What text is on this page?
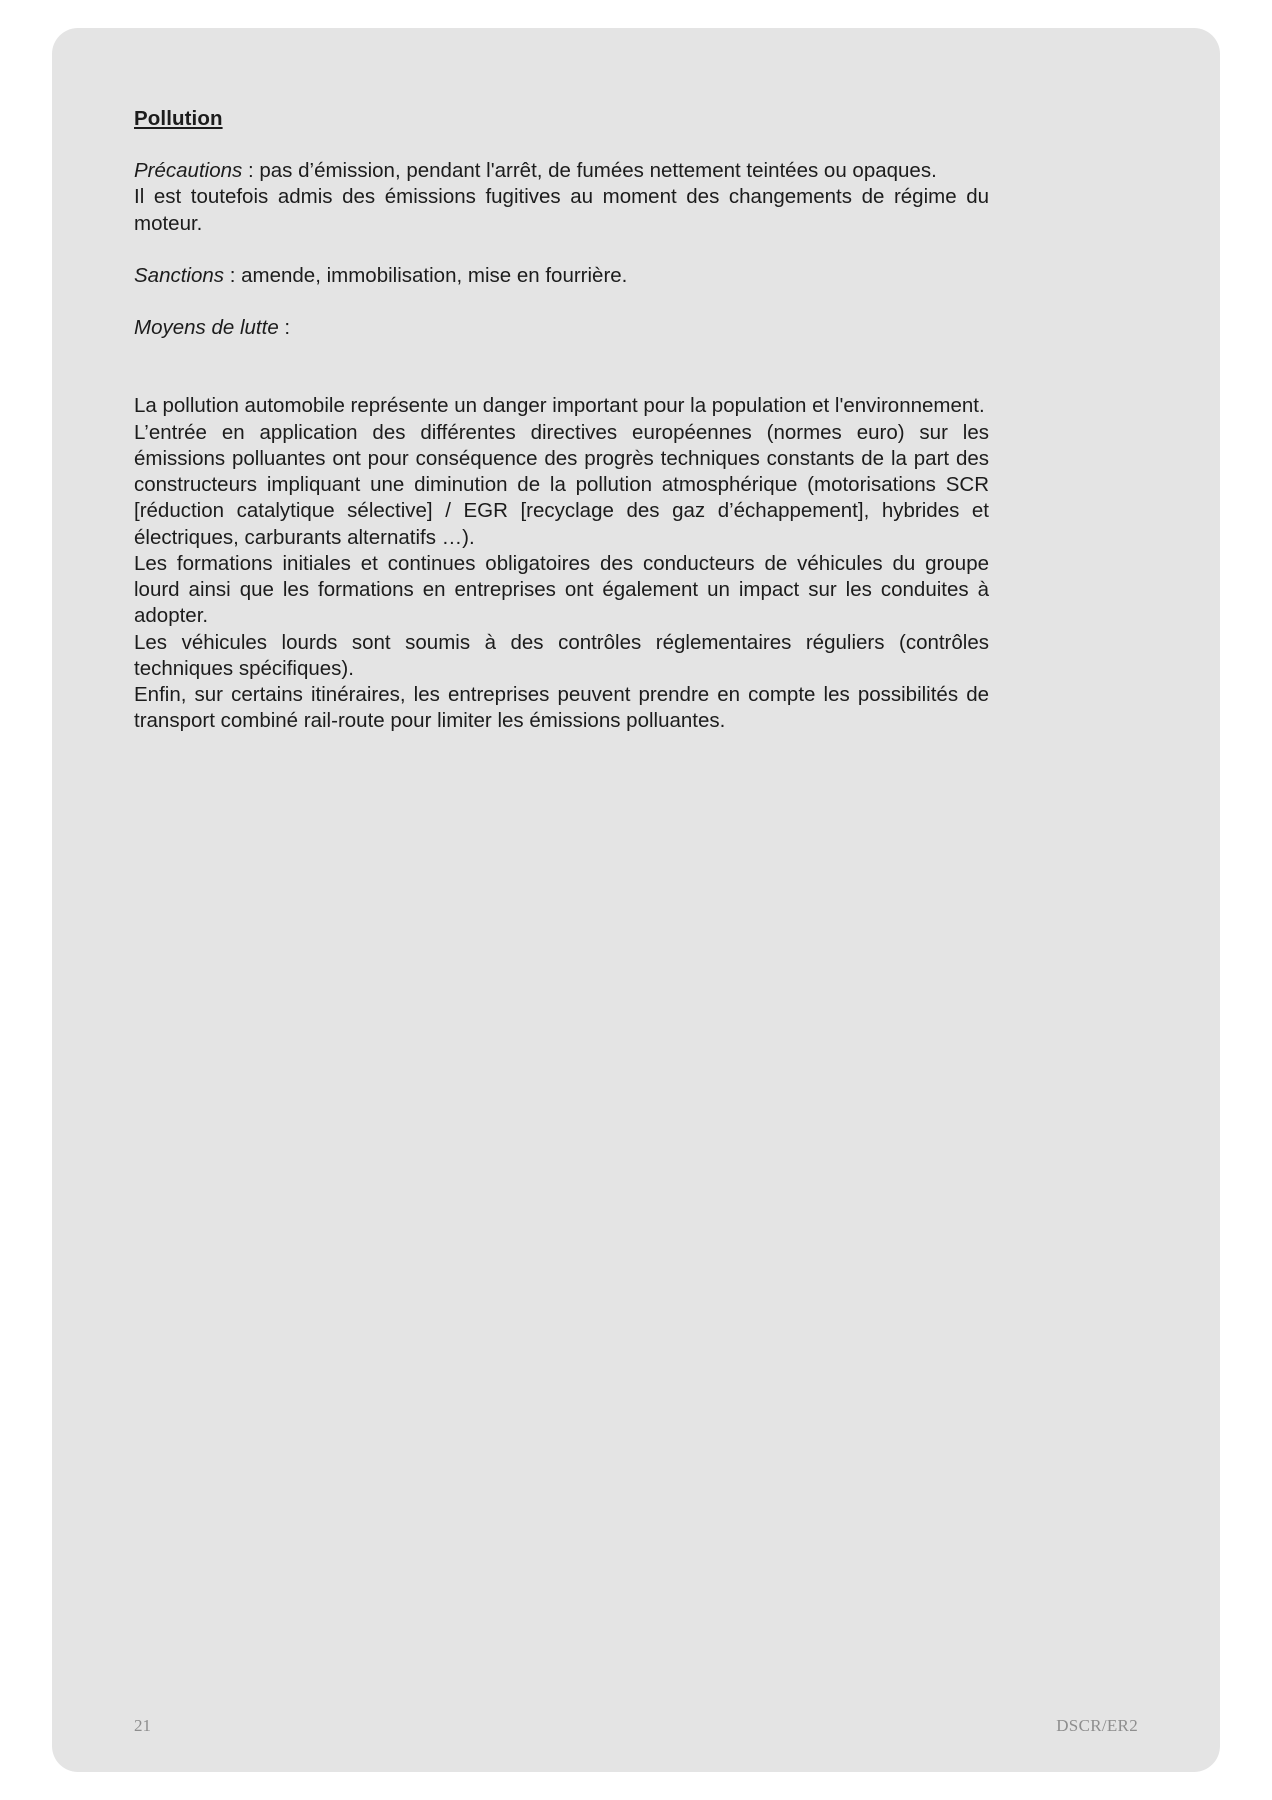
Pollution
Précautions : pas d’émission, pendant l'arrêt, de fumées nettement teintées ou opaques.
Il est toutefois admis des émissions fugitives au moment des changements de régime du moteur.
Sanctions : amende, immobilisation, mise en fourrière.
Moyens de lutte :
La pollution automobile représente un danger important pour la population et l'environnement.
L’entrée en application des différentes directives européennes (normes euro) sur les émissions polluantes ont pour conséquence des progrès techniques constants de la part des constructeurs impliquant une diminution de la pollution atmosphérique (motorisations SCR [réduction catalytique sélective] / EGR [recyclage des gaz d’échappement], hybrides et électriques, carburants alternatifs …).
Les formations initiales et continues obligatoires des conducteurs de véhicules du groupe lourd ainsi que les formations en entreprises ont également un impact sur les conduites à adopter.
Les véhicules lourds sont soumis à des contrôles réglementaires réguliers (contrôles techniques spécifiques).
Enfin, sur certains itinéraires, les entreprises peuvent prendre en compte les possibilités de transport combiné rail-route pour limiter les émissions polluantes.
21	DSCR/ER2
